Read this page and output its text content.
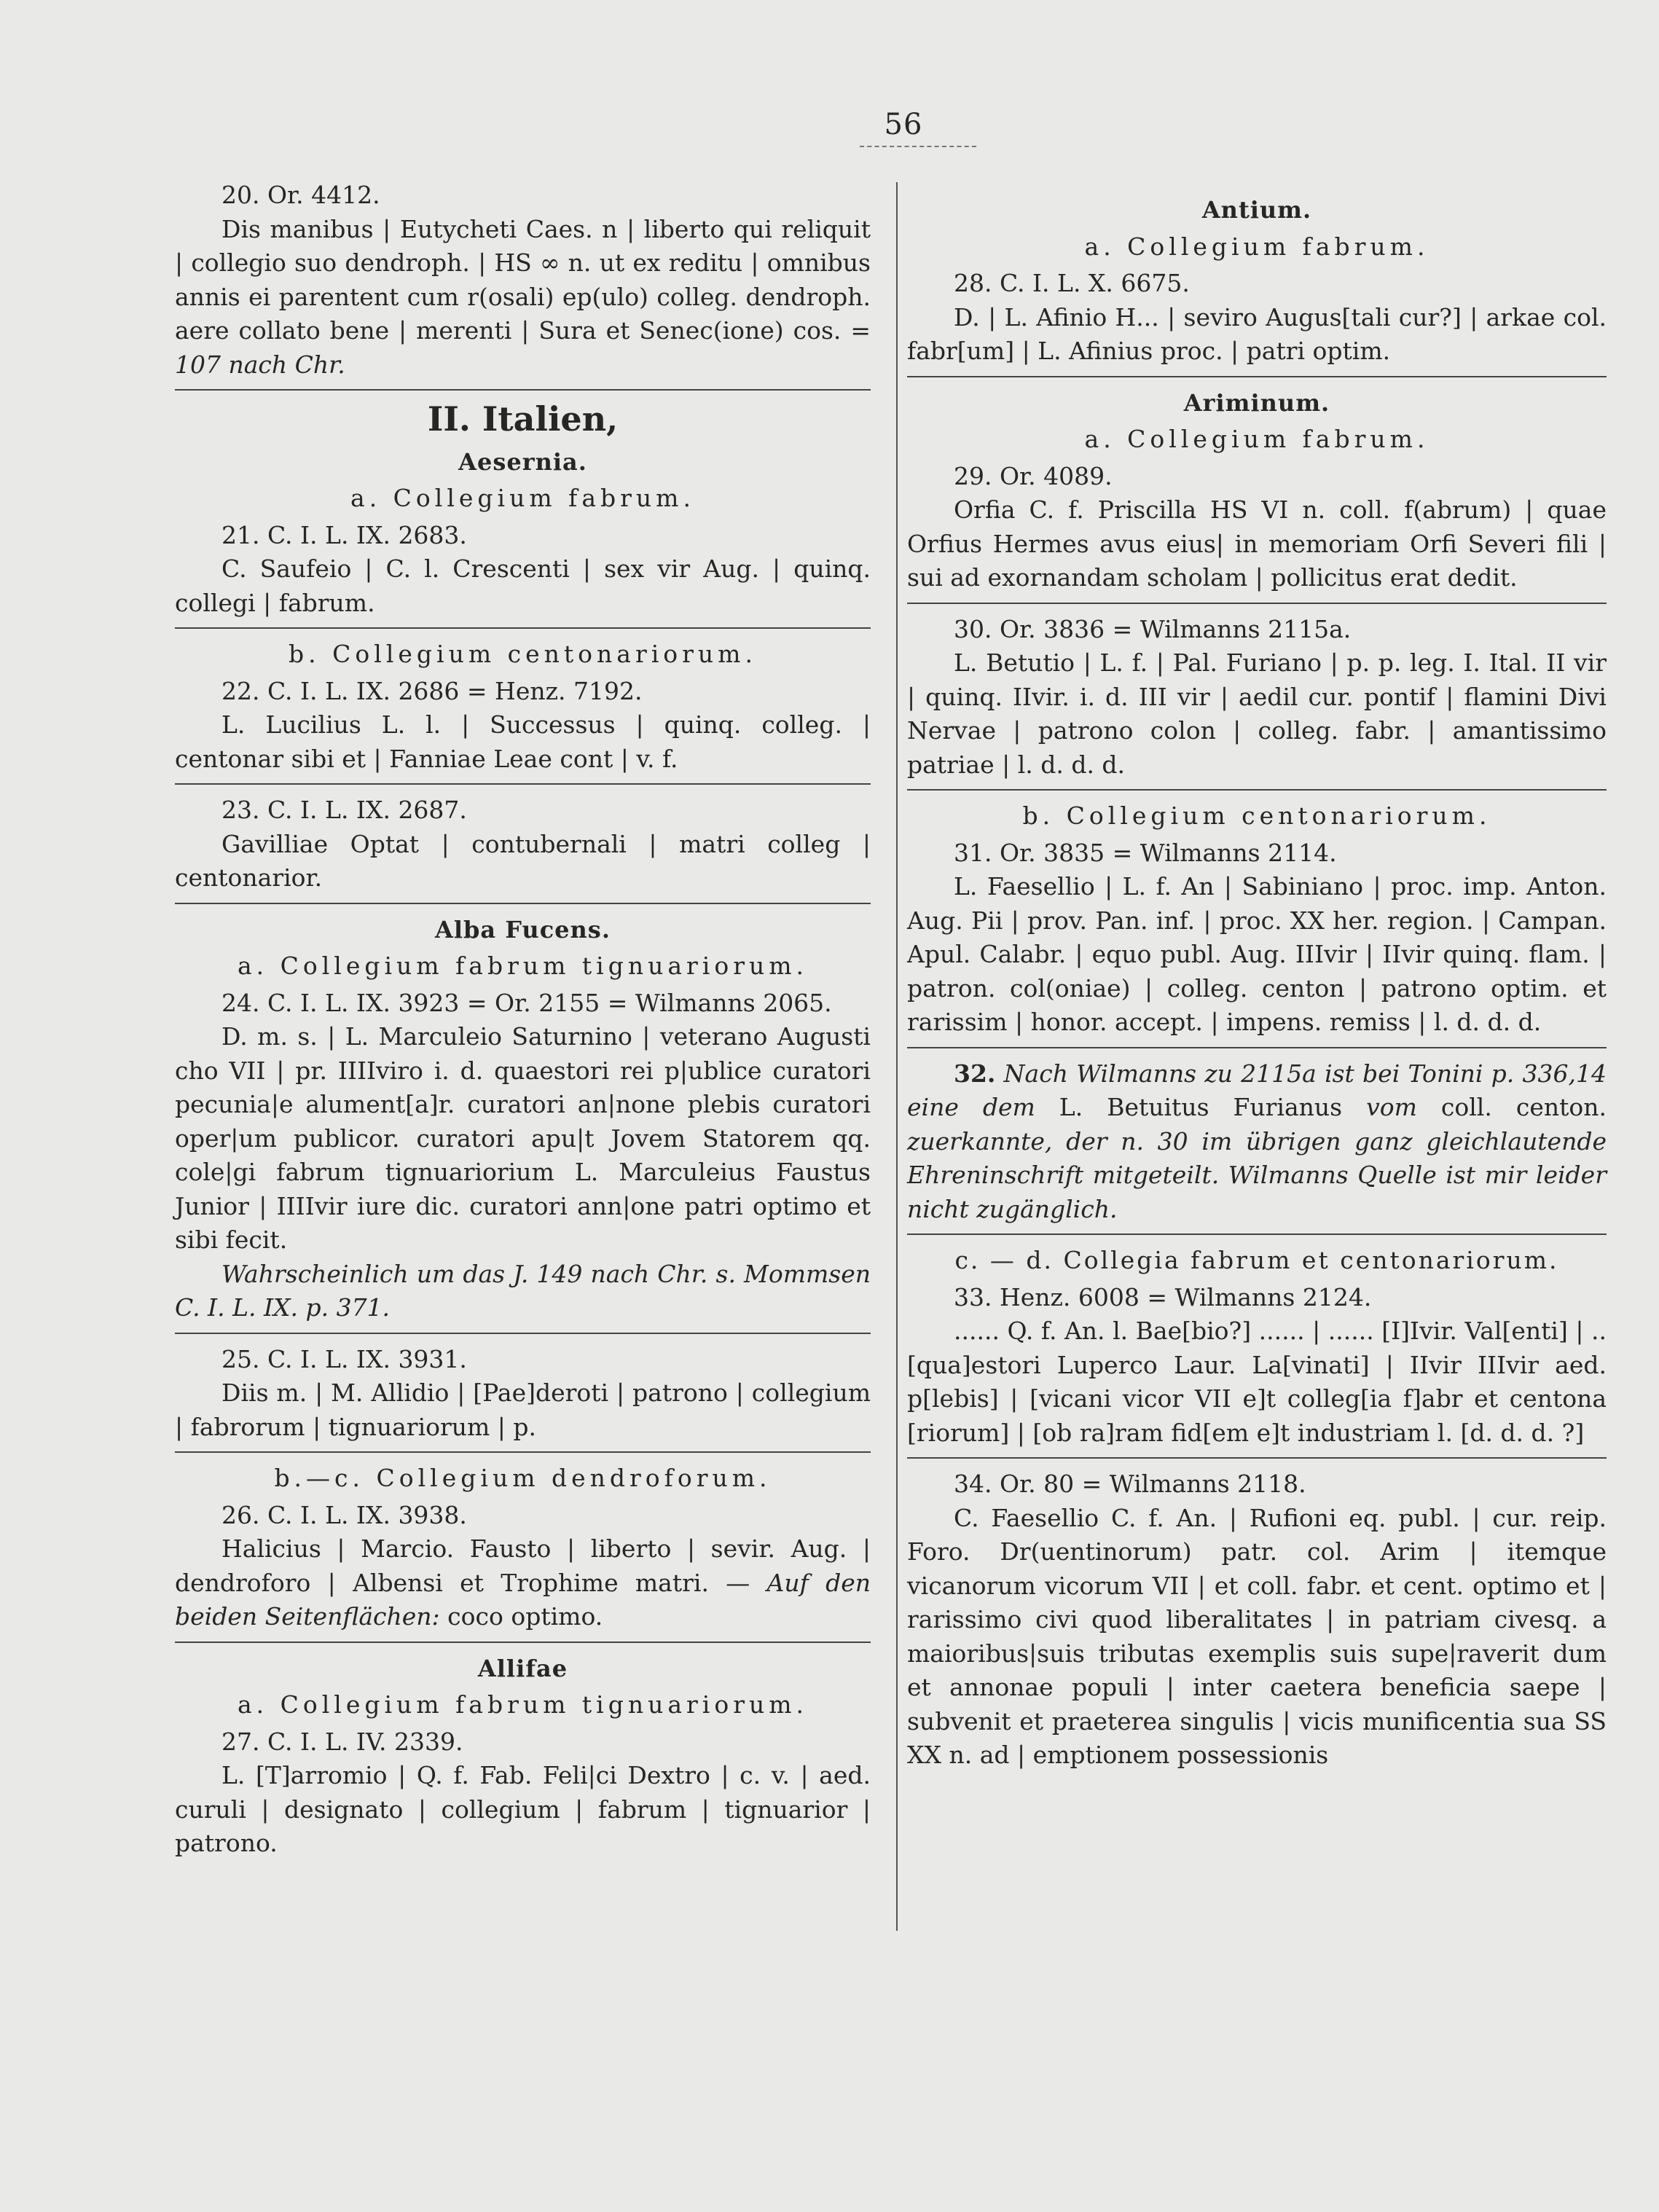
56

20. Or. 4412.

Dis manibus | Eutycheti Caes. n | liberto qui reliquit | collegio suo dendroph. | HS ∞ n. ut ex reditu | omnibus annis ei parentent cum r(osali) ep(ulo) colleg. dendroph. aere collato bene | merenti | Sura et Senec(ione) cos. = 107 nach Chr.

II. Italien,
Aesernia.
a. Collegium fabrum.

21. C. I. L. IX. 2683.

C. Saufeio | C. l. Crescenti | sex vir Aug. | quinq. collegi | fabrum.

b. Collegium centonariorum.

22. C. I. L. IX. 2686 = Henz. 7192.

L. Lucilius L. l. | Successus | quinq. colleg. | centonar sibi et | Fanniae Leae cont | v. f.

23. C. I. L. IX. 2687.

Gavilliae Optat | contubernali | matri colleg | centonarior.

Alba Fucens.
a. Collegium fabrum tignuariorum.

24. C. I. L. IX. 3923 = Or. 2155 = Wilmanns 2065.

D. m. s. | L. Marculeio Saturnino | veterano Augusti cho VII | pr. IIIIviro i. d. quaestori rei p|ublice curatori pecunia|e alument[a]r. curatori an|none plebis curatori oper|um publicor. curatori apu|t Jovem Statorem qq. cole|gi fabrum tignuariorium L. Marculeius Faustus Junior | IIIIvir iure dic. curatori ann|one patri optimo et sibi fecit.

Wahrscheinlich um das J. 149 nach Chr. s. Mommsen C. I. L. IX. p. 371.

25. C. I. L. IX. 3931.

Diis m. | M. Allidio | [Pae]deroti | patrono | collegium | fabrorum | tignuariorum | p.

b.—c. Collegium dendroforum.

26. C. I. L. IX. 3938.

Halicius | Marcio. Fausto | liberto | sevir. Aug. | dendroforo | Albensi et Trophime matri. — Auf den beiden Seitenflächen: coco optimo.

Allifae
a. Collegium fabrum tignuariorum.

27. C. I. L. IV. 2339.

L. [T]arromio | Q. f. Fab. Feli|ci Dextro | c. v. | aed. curuli | designato | collegium | fabrum | tignuarior | patrono.

Antium.
a. Collegium fabrum.

28. C. I. L. X. 6675.

D. | L. Afinio H... | seviro Augus[tali cur?] | arkae col. fabr[um] | L. Afinius proc. | patri optim.

Ariminum.
a. Collegium fabrum.

29. Or. 4089.

Orfia C. f. Priscilla HS VI n. coll. f(abrum) | quae Orfius Hermes avus eius| in memoriam Orfi Severi fili | sui ad exornandam scholam | pollicitus erat dedit.

30. Or. 3836 = Wilmanns 2115a.

L. Betutio | L. f. | Pal. Furiano | p. p. leg. I. Ital. II vir | quinq. IIvir. i. d. III vir | aedil cur. pontif | flamini Divi Nervae | patrono colon | colleg. fabr. | amantissimo patriae | l. d. d. d.

b. Collegium centonariorum.

31. Or. 3835 = Wilmanns 2114.

L. Faesellio | L. f. An | Sabiniano | proc. imp. Anton. Aug. Pii | prov. Pan. inf. | proc. XX her. region. | Campan. Apul. Calabr. | equo publ. Aug. IIIvir | IIvir quinq. flam. | patron. col(oniae) | colleg. centon | patrono optim. et rarissim | honor. accept. | impens. remiss | l. d. d. d.

32. Nach Wilmanns zu 2115a ist bei Tonini p. 336,14 eine dem L. Betuitus Furianus vom coll. centon. zuerkannte, der n. 30 im übrigen ganz gleichlautende Ehreninschrift mitgeteilt. Wilmanns Quelle ist mir leider nicht zugänglich.

c. — d. Collegia fabrum et centonariorum.

33. Henz. 6008 = Wilmanns 2124.

...... Q. f. An. l. Bae[bio?] ...... | ...... [I]Ivir. Val[enti] | .. [qua]estori Luperco Laur. La[vinati] | IIvir IIIvir aed. p[lebis] | [vicani vicor VII e]t colleg[ia f]abr et centona [riorum] | [ob ra]ram fid[em e]t industriam l. [d. d. d. ?]

34. Or. 80 = Wilmanns 2118.

C. Faesellio C. f. An. | Rufioni eq. publ. | cur. reip. Foro. Dr(uentinorum) patr. col. Arim | itemque vicanorum vicorum VII | et coll. fabr. et cent. optimo et | rarissimo civi quod liberalitates | in patriam civesq. a maioribus|suis tributas exemplis suis supe|raverit dum et annonae populi | inter caetera beneficia saepe | subvenit et praeterea singulis | vicis munificentia sua SS XX n. ad | emptionem possessionis
